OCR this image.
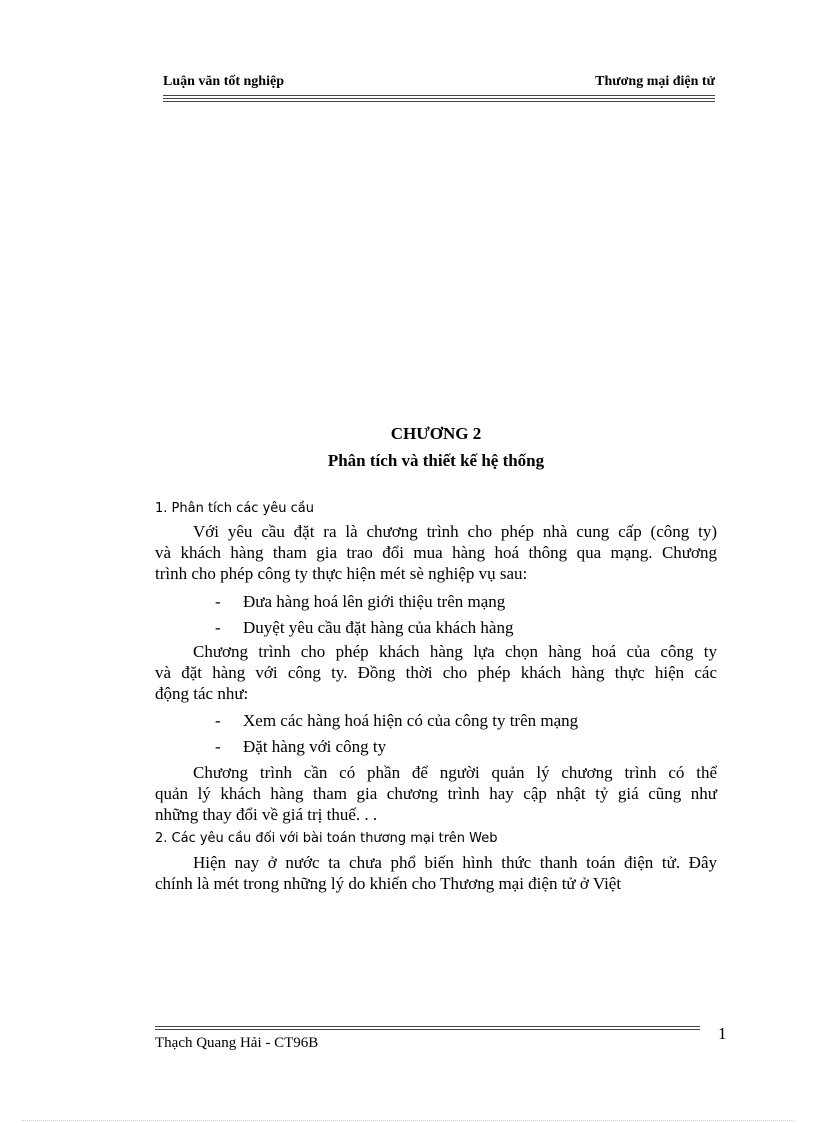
Luận văn tốt nghiệp	Thương mại điện tử
CHƯƠNG 2
Phân tích và thiết kế hệ thống
1. Phân tích các yêu cầu
Với yêu cầu đặt ra là chương trình cho phép nhà cung cấp (công ty)
và khách hàng tham gia trao đổi mua hàng hoá thông qua mạng. Chương
trình cho phép công ty thực hiện mét sè nghiệp vụ sau:
- Đưa hàng hoá lên giới thiệu trên mạng
- Duyệt yêu cầu đặt hàng của khách hàng
Chương trình cho phép khách hàng lựa chọn hàng hoá của công ty
và đặt hàng với công ty. Đồng thời cho phép khách hàng thực hiện các
động tác như:
- Xem các hàng hoá hiện có của công ty trên mạng
- Đặt hàng với công ty
Chương trình cần có phần để người quản lý chương trình có thể
quản lý khách hàng tham gia chương trình hay cập nhật tỷ giá cũng như
những thay đổi về giá trị thuế. . .
2. Các yêu cầu đối với bài toán thương mại trên Web
Hiện nay ở nước ta chưa phổ biến hình thức thanh toán điện tử. Đây
chính là mét trong những lý do khiến cho Thương mại điện tử ở Việt
1
Thạch Quang Hải - CT96B
